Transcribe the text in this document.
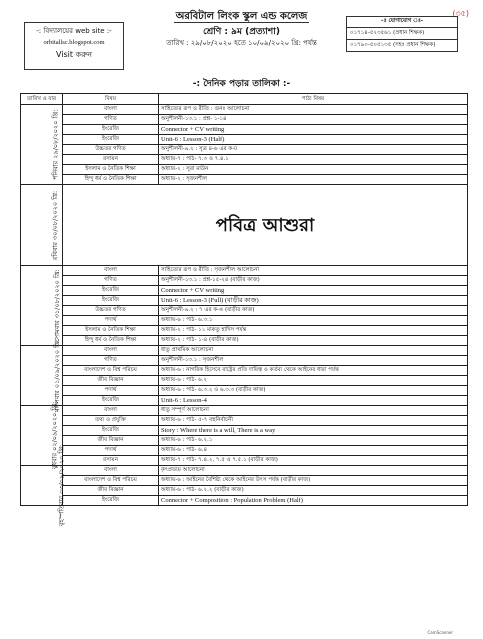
(৩৫)
অরবিটাল লিংক স্কুল এন্ড কলেজ
শ্রেণি : ৯ম (প্রত্যাশা)
তারিখ : ২৯/০৮/২০২০ হতে ১০/০৯/২০২০ খ্রি: পর্যন্ত
-: বিদ্যালয়ের web site :-
orbitallsc.blogspot.com
Visit করুন
-ঃ যোগাযোগ ঃ-
০১৭১৪-৫২৩৫৬১ (প্রধান শিক্ষক)
০১৭৯০-৫০৫১৩৫ (সহঃ প্রধান শিক্ষক)
-: দৈনিক পড়ার তালিকা :-
তারিখ ও বার	বিষয়	পাঠ্য বিষয়
শনিবার ২৯/০৮/২০২০ খ্রি:	বাংলা	সাহিত্যের রূপ ও রীতি : গুনঃ আলোচনা
	গণিত	অনুশীলনী-১৩.১ : প্রশ্ন- ১-১৪
	ইংরেজি	Connector + CV writing
	ইংরেজি	Unit-6 : Lesson-3 (Half)
	উচ্চতর গণিত	অনুশীলনী-৯.২ : সূত্র ৪-৬ এর ক-ঢ
	রসায়ন	অধ্যায়-৭ : পাঠ- ৭.৩ ও ৭.৪.১
	ইসলাম ও নৈতিক শিক্ষা	অধ্যায়-২ : সূরা মাউন
	হিন্দু ধর্ম ও নৈতিক শিক্ষা	অধ্যায়-২ : সৃজনশীল
রবিবার ৩০/০৮/২০২০ খ্রি:	পবিত্র আশুরা	
সোমবার ৩১/০৮/২০২০ খ্রি:	বাংলা	সাহিত্যের রূপ ও রীতি : সৃজনশীল আলোচনা
	গণিত	অনুশীলনী-১৩.১ : প্রশ্ন-১৫-২৪ (বাড়ীর কাজ)
	ইংরেজি	Connector + CV writing
	ইংরেজি	Unit-6 : Lesson-3 (Full) (বাড়ীর কাজ)
	উচ্চতর গণিত	অনুশীলনী-৯.২ : ৭ এর ক-ঙ (বাড়ীর কাজ)
	পদার্থ	অধ্যায়-৬ : পাঠ- ৬.৩.১
	ইসলাম ও নৈতিক শিক্ষা	অধ্যায়-২ : পাঠ- ১১ মাকতু হাদিস পর্যন্ত
	হিন্দু ধর্ম ও নৈতিক শিক্ষা	অধ্যায়-২ : পাঠ- ১-৪ (বাড়ীর কাজ)
মঙ্গলবার ০১/০৯/২০২০ খ্রি:	বাংলা	ধাতু প্রাথমিক আলোচনা
	গণিত	অনুশীলনী-১৩.১ : সৃজনশীল
	বাংলাদেশ ও বিশ্ব পরিচয়	অধ্যায়-৬ : নাগরিক হিসেবে রাষ্ট্রের প্রতি দায়িত্ব ও কর্তব্য থেকে আইনের ধারা পর্যন্ত
	জীব বিজ্ঞান	অধ্যায়-৬ : পাঠ- ৬.২
	পদার্থ	অধ্যায়-৬ : পাঠ- ৬.৩.২ ও ৬.৩.৩ (বাড়ীর কাজ)
	ইংরেজি	Unit-6 : Lesson-4
বুধবার ০২/০৯/২০২০ খ্রি:	বাংলা	ধাতু সম্পূর্ণ আলোচনা
	তথ্য ও প্রযুক্তি	অধ্যায়-৬ : পাঠ- ৫-৭ বহুনির্বাচনী
	ইংরেজি	Story : Where there is a will, There is a way
	জীব বিজ্ঞান	অধ্যায়-৬ : পাঠ- ৬.২.১
	পদার্থ	অধ্যায়-৬ : পাঠ- ৬.৪
	রসায়ন	অধ্যায়-৭ : পাঠ- ৭.৪.২, ৭.৫ ও ৭.৫.১ (বাড়ীর কাজ)
বৃহস্পতিবার ০৩/০৯/২০২০ খ্রি:	বাংলা	কৃৎপ্রত্যয় আলোচনা
	বাংলাদেশ ও বিশ্ব পরিচয়	অধ্যায়-৬ : আইনের বৈশিষ্ট্য থেকে আইনের উৎস পর্যন্ত (বাড়ীর কাজ)
	জীব বিজ্ঞান	অধ্যায়-৬ : পাঠ- ৬.২.২ (বাড়ীর কাজ)
	ইংরেজি	Connector + Composition : Population Problem (Half)
CamScanner
